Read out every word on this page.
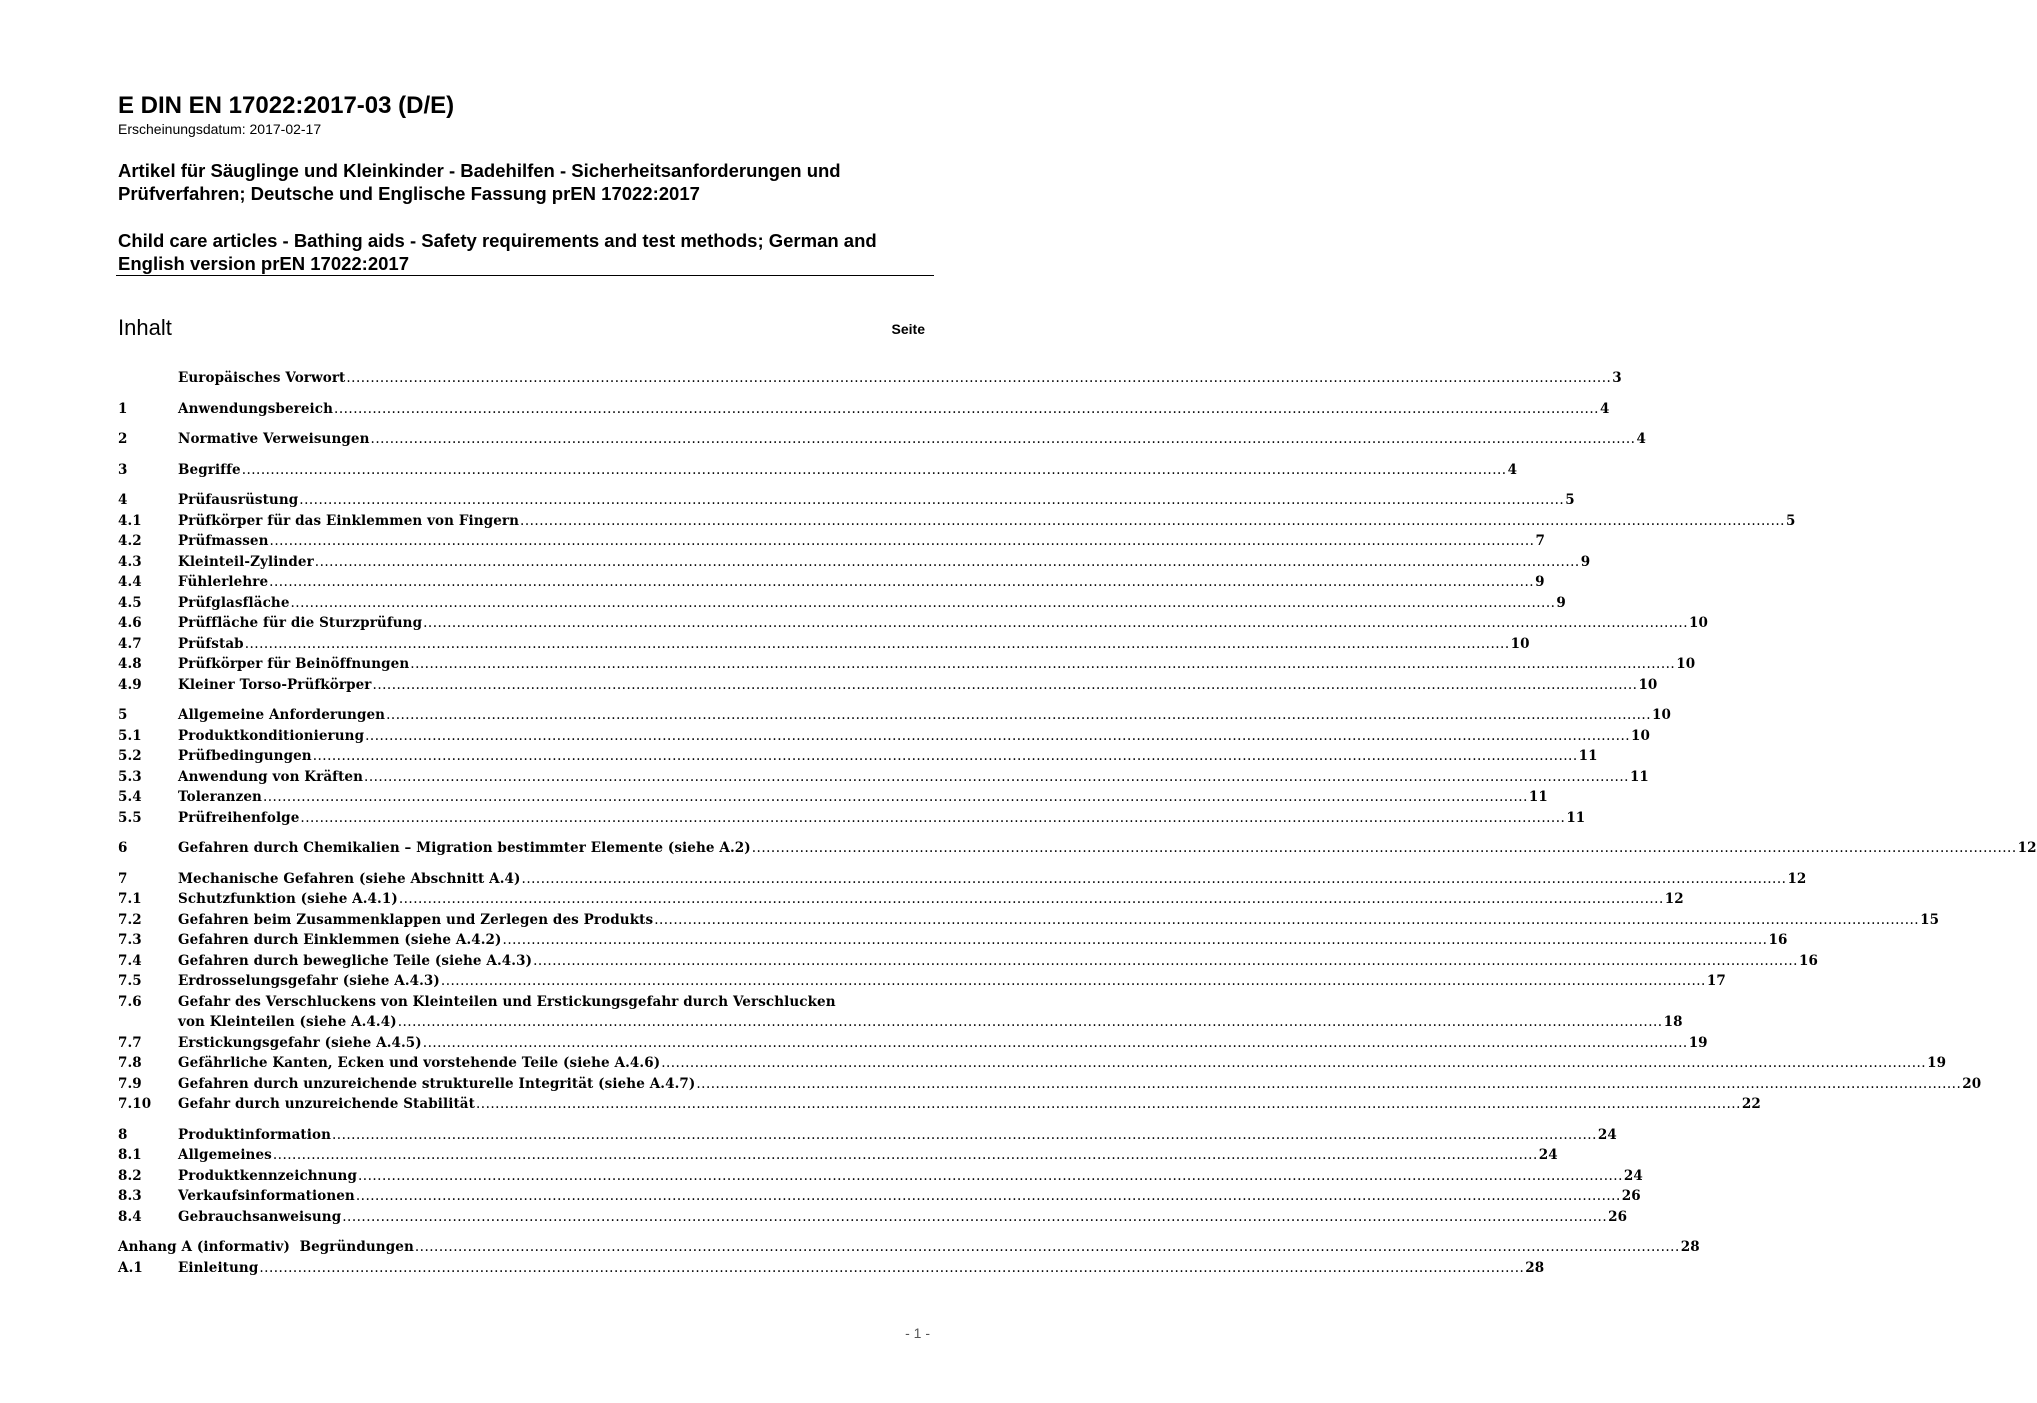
E DIN EN 17022:2017-03 (D/E)
Erscheinungsdatum: 2017-02-17
Artikel für Säuglinge und Kleinkinder - Badehilfen - Sicherheitsanforderungen und Prüfverfahren; Deutsche und Englische Fassung prEN 17022:2017
Child care articles - Bathing aids - Safety requirements and test methods; German and English version prEN 17022:2017
Inhalt	Seite
Europäisches Vorwort .....	3
1	Anwendungsbereich .....	4
2	Normative Verweisungen .....	4
3	Begriffe .....	4
4	Prüfausrüstung .....	5
4.1	Prüfkörper für das Einklemmen von Fingern .....	5
4.2	Prüfmassen .....	7
4.3	Kleinteil-Zylinder .....	9
4.4	Fühlerlehre .....	9
4.5	Prüfglasfläche .....	9
4.6	Prüffläche für die Sturzprüfung .....	10
4.7	Prüfstab .....	10
4.8	Prüfkörper für Beinöffnungen .....	10
4.9	Kleiner Torso-Prüfkörper .....	10
5	Allgemeine Anforderungen .....	10
5.1	Produktkonditionierung .....	10
5.2	Prüfbedingungen .....	11
5.3	Anwendung von Kräften .....	11
5.4	Toleranzen .....	11
5.5	Prüfreihenfolge .....	11
6	Gefahren durch Chemikalien – Migration bestimmter Elemente (siehe A.2) .....	12
7	Mechanische Gefahren (siehe Abschnitt A.4) .....	12
7.1	Schutzfunktion (siehe A.4.1) .....	12
7.2	Gefahren beim Zusammenklappen und Zerlegen des Produkts .....	15
7.3	Gefahren durch Einklemmen (siehe A.4.2) .....	16
7.4	Gefahren durch bewegliche Teile (siehe A.4.3) .....	16
7.5	Erdrosselungsgefahr (siehe A.4.3) .....	17
7.6	Gefahr des Verschluckens von Kleinteilen und Erstickungsgefahr durch Verschlucken
von Kleinteilen (siehe A.4.4) .....	18
7.7	Erstickungsgefahr (siehe A.4.5) .....	19
7.8	Gefährliche Kanten, Ecken und vorstehende Teile (siehe A.4.6) .....	19
7.9	Gefahren durch unzureichende strukturelle Integrität (siehe A.4.7) .....	20
7.10	Gefahr durch unzureichende Stabilität .....	22
8	Produktinformation .....	24
8.1	Allgemeines .....	24
8.2	Produktkennzeichnung .....	24
8.3	Verkaufsinformationen .....	26
8.4	Gebrauchsanweisung .....	26
Anhang A (informativ)  Begründungen .....	28
A.1	Einleitung .....	28
- 1 -
